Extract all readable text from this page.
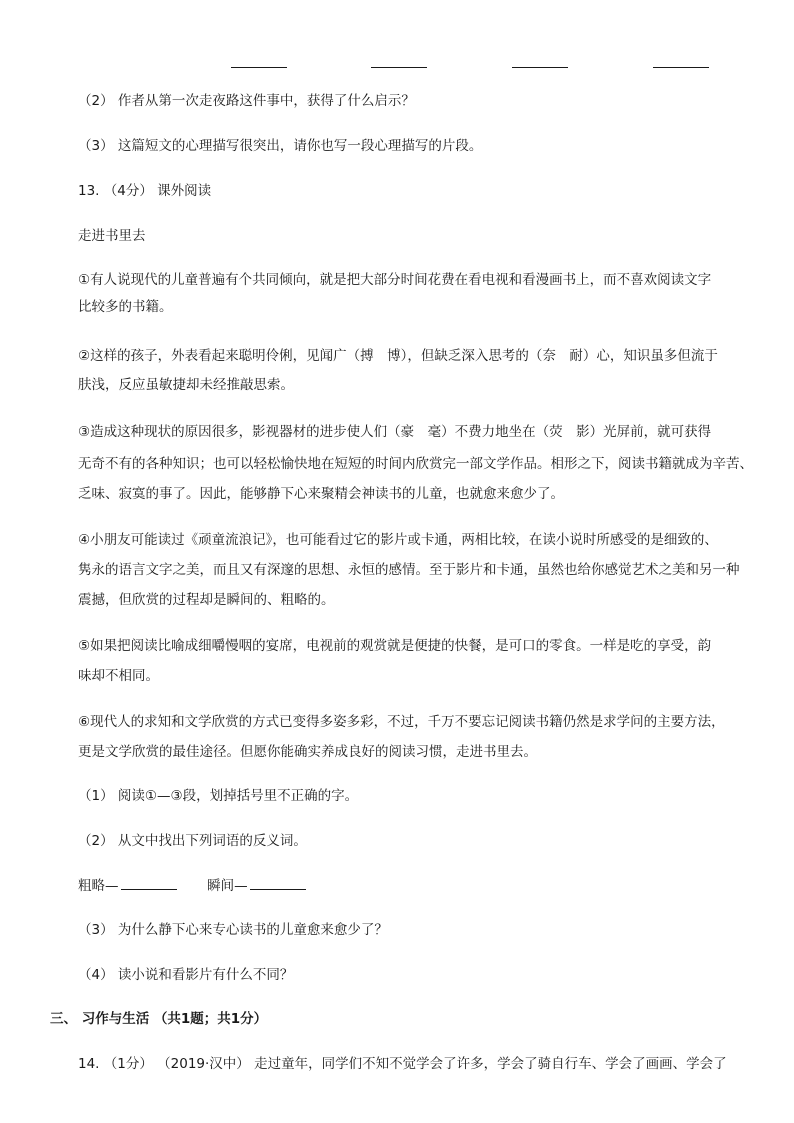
（2） 作者从第一次走夜路这件事中，获得了什么启示？
（3） 这篇短文的心理描写很突出，请你也写一段心理描写的片段。
13. （4分） 课外阅读
走进书里去
①有人说现代的儿童普遍有个共同倾向，就是把大部分时间花费在看电视和看漫画书上，而不喜欢阅读文字
比较多的书籍。
②这样的孩子，外表看起来聪明伶俐，见闻广（搏　博），但缺乏深入思考的（奈　耐）心，知识虽多但流于
肤浅，反应虽敏捷却未经推敲思索。
③造成这种现状的原因很多，影视器材的进步使人们（豪　毫）不费力地坐在（荧　影）光屏前，就可获得
无奇不有的各种知识；也可以轻松愉快地在短短的时间内欣赏完一部文学作品。相形之下，阅读书籍就成为辛苦、
乏味、寂寞的事了。因此，能够静下心来聚精会神读书的儿童，也就愈来愈少了。
④小朋友可能读过《顽童流浪记》，也可能看过它的影片或卡通，两相比较，在读小说时所感受的是细致的、
隽永的语言文字之美，而且又有深邃的思想、永恒的感情。至于影片和卡通，虽然也给你感觉艺术之美和另一种
震撼，但欣赏的过程却是瞬间的、粗略的。
⑤如果把阅读比喻成细嚼慢咽的宴席，电视前的观赏就是便捷的快餐，是可口的零食。一样是吃的享受，韵
味却不相同。
⑥现代人的求知和文学欣赏的方式已变得多姿多彩，不过，千万不要忘记阅读书籍仍然是求学问的主要方法，
更是文学欣赏的最佳途径。但愿你能确实养成良好的阅读习惯，走进书里去。
（1） 阅读①—③段，划掉括号里不正确的字。
（2） 从文中找出下列词语的反义词。
粗略—	瞬间—
（3） 为什么静下心来专心读书的儿童愈来愈少了？
（4） 读小说和看影片有什么不同？
三、 习作与生活 （共1题；共1分）
14. （1分） （2019·汉中） 走过童年，同学们不知不觉学会了许多，学会了骑自行车、学会了画画、学会了
